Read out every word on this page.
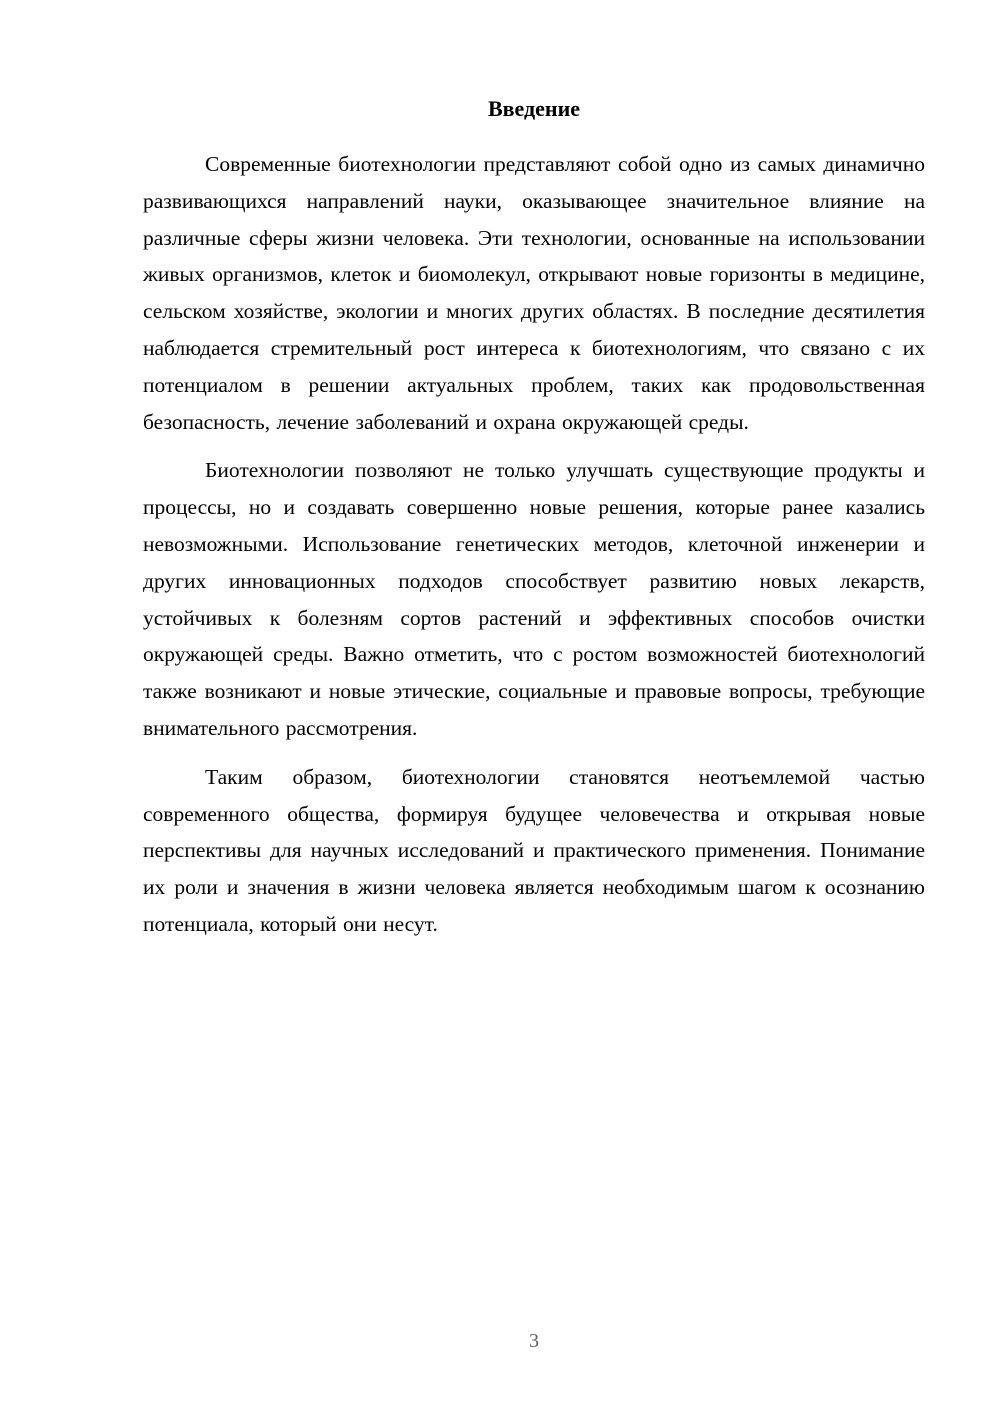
Введение

Современные биотехнологии представляют собой одно из самых динамично развивающихся направлений науки, оказывающее значительное влияние на различные сферы жизни человека. Эти технологии, основанные на использовании живых организмов, клеток и биомолекул, открывают новые горизонты в медицине, сельском хозяйстве, экологии и многих других областях. В последние десятилетия наблюдается стремительный рост интереса к биотехнологиям, что связано с их потенциалом в решении актуальных проблем, таких как продовольственная безопасность, лечение заболеваний и охрана окружающей среды.

Биотехнологии позволяют не только улучшать существующие продукты и процессы, но и создавать совершенно новые решения, которые ранее казались невозможными. Использование генетических методов, клеточной инженерии и других инновационных подходов способствует развитию новых лекарств, устойчивых к болезням сортов растений и эффективных способов очистки окружающей среды. Важно отметить, что с ростом возможностей биотехнологий также возникают и новые этические, социальные и правовые вопросы, требующие внимательного рассмотрения.

Таким образом, биотехнологии становятся неотъемлемой частью современного общества, формируя будущее человечества и открывая новые перспективы для научных исследований и практического применения. Понимание их роли и значения в жизни человека является необходимым шагом к осознанию потенциала, который они несут.

3
